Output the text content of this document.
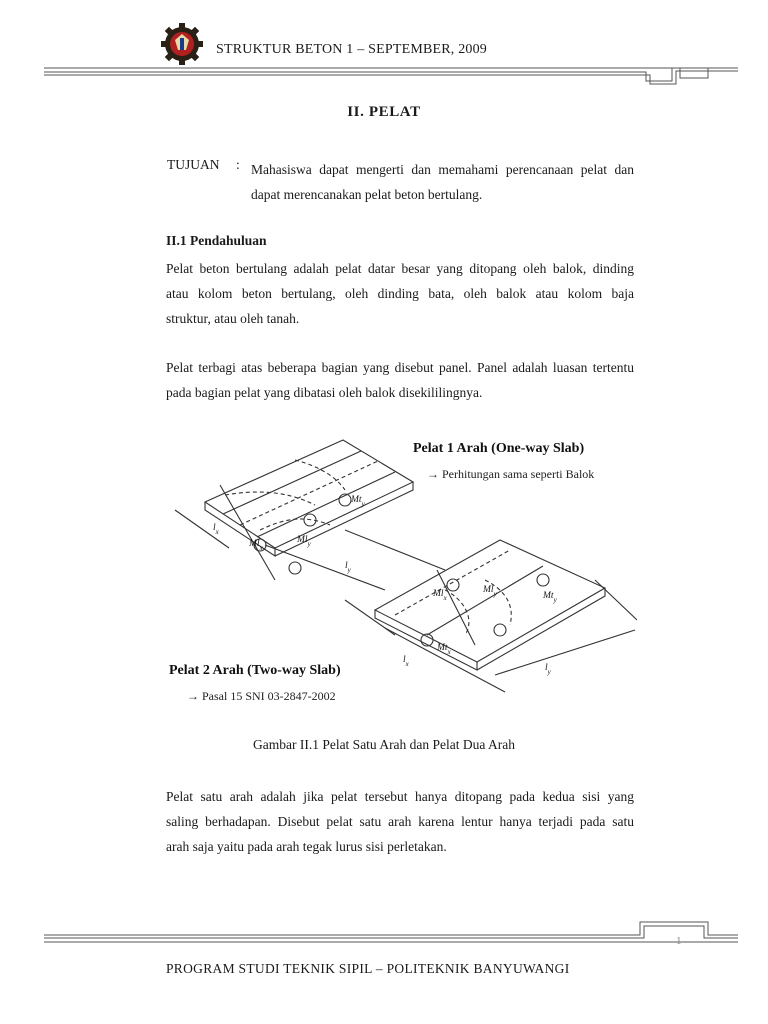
STRUKTUR BETON 1 – SEPTEMBER, 2009
II. PELAT
TUJUAN : Mahasiswa dapat mengerti dan memahami perencanaan pelat dan
dapat merencanakan pelat beton bertulang.
II.1 Pendahuluan
Pelat beton bertulang adalah pelat datar besar yang ditopang oleh balok, dinding
atau kolom beton bertulang, oleh dinding bata, oleh balok atau kolom baja
struktur, atau oleh tanah.
Pelat terbagi atas beberapa bagian yang disebut panel. Panel adalah luasan tertentu
pada bagian pelat yang dibatasi oleh balok disekililingnya.
$Ml_x$
$Ml_y$
$Mt_y$
$l_x$
$l_y$
Pelat 1 Arah (One-way Slab)
→ Perhitungan sama seperti Balok
$Ml_x$
$Ml_y$	$Mt_y$
$Mt_x$
$l_x$	$l_y$
Pelat 2 Arah (Two-way Slab)
→ Pasal 15 SNI 03-2847-2002
Gambar II.1 Pelat Satu Arah dan Pelat Dua Arah
Pelat satu arah adalah jika pelat tersebut hanya ditopang pada kedua sisi yang
saling berhadapan. Disebut pelat satu arah karena lentur hanya terjadi pada satu
arah saja yaitu pada arah tegak lurus sisi perletakan.
1
PROGRAM STUDI TEKNIK SIPIL – POLITEKNIK BANYUWANGI
